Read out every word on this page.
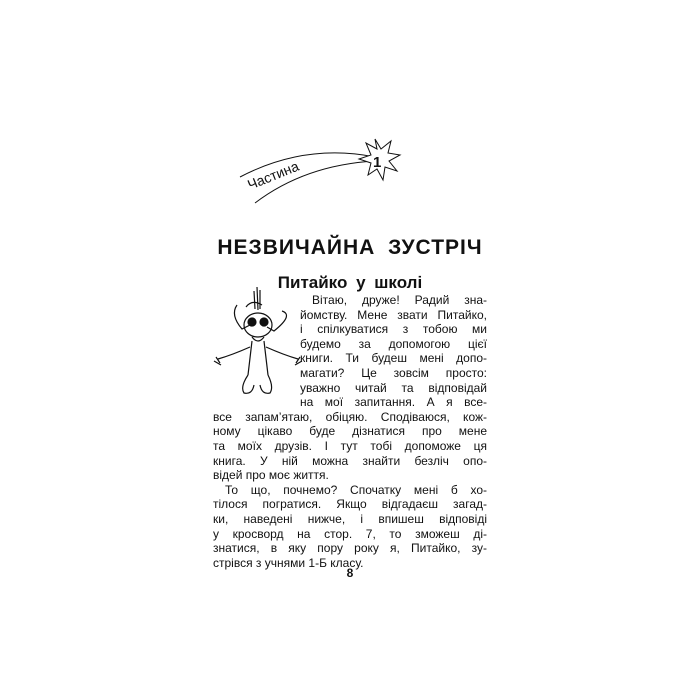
Частина	1
НЕЗВИЧАЙНА ЗУСТРІЧ
Питайко у школі
Вітаю, друже! Радий зна-
йомству. Мене звати Питайко,
і спілкуватися з тобою ми
будемо за допомогою цієї
книги. Ти будеш мені допо-
магати? Це зовсім просто:
уважно читай та відповідай
на мої запитання. А я все-
все запам’ятаю, обіцяю. Сподіваюся, кож-
ному цікаво буде дізнатися про мене
та моїх друзів. І тут тобі допоможе ця
книга. У ній можна знайти безліч опо-
відей про моє життя.
То що, почнемо? Спочатку мені б хо-
тілося погратися. Якщо відгадаєш загад-
ки, наведені нижче, і впишеш відповіді
у кросворд на стор. 7, то зможеш ді-
знатися, в яку пору року я, Питайко, зу-
стрівся з учнями 1-Б класу.
8
